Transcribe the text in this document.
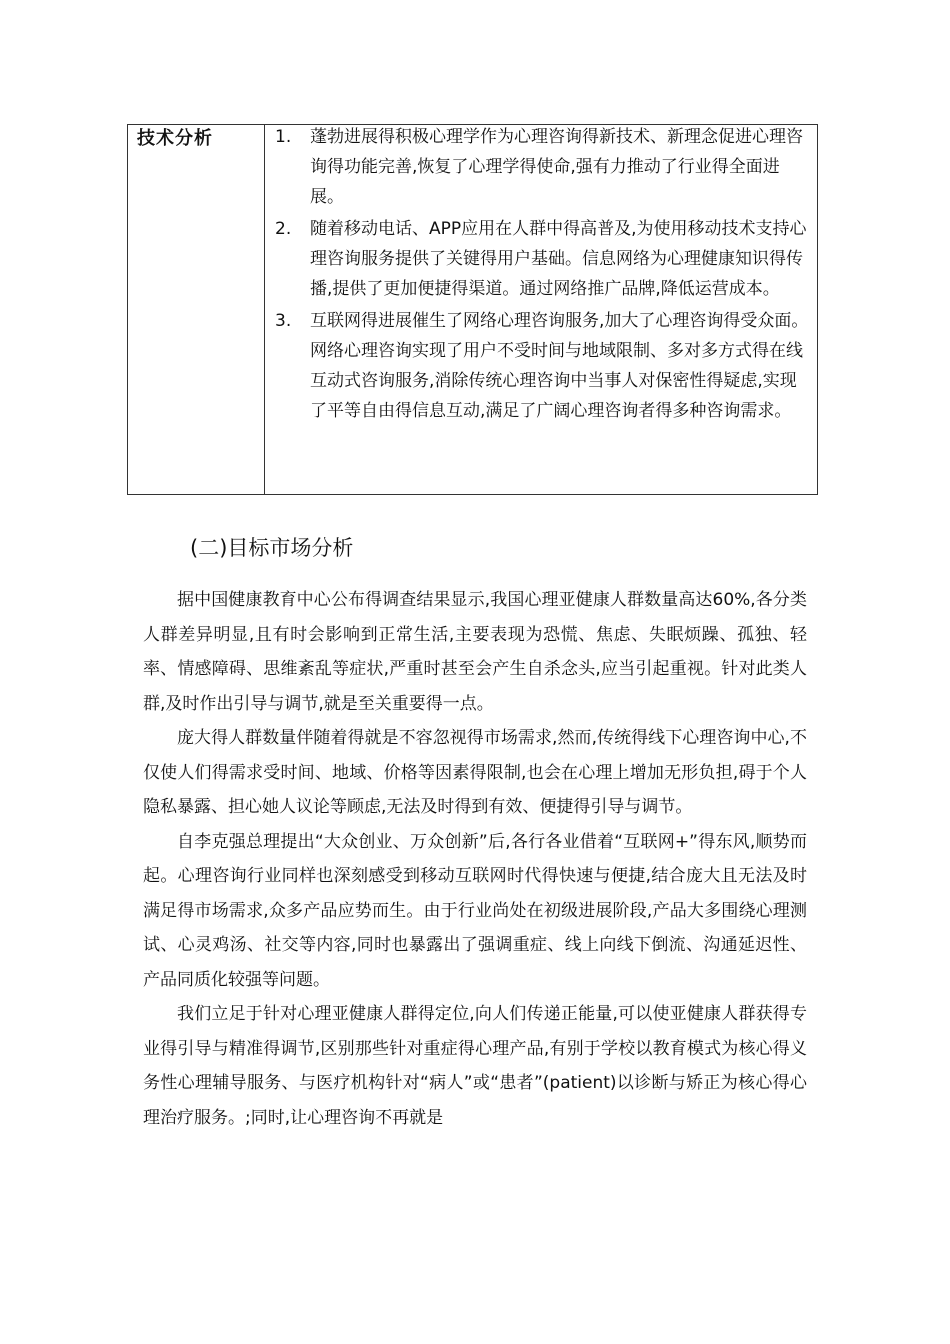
技术分析	1. 蓬勃进展得积极心理学作为心理咨询得新技术、新理念促进心理咨询得功能完善,恢复了心理学得使命,强有力推动了行业得全面进展。
2. 随着移动电话、APP应用在人群中得高普及,为使用移动技术支持心理咨询服务提供了关键得用户基础。信息网络为心理健康知识得传播,提供了更加便捷得渠道。通过网络推广品牌,降低运营成本。
3. 互联网得进展催生了网络心理咨询服务,加大了心理咨询得受众面。网络心理咨询实现了用户不受时间与地域限制、多对多方式得在线互动式咨询服务,消除传统心理咨询中当事人对保密性得疑虑,实现了平等自由得信息互动,满足了广阔心理咨询者得多种咨询需求。
(二)目标市场分析

据中国健康教育中心公布得调查结果显示,我国心理亚健康人群数量高达60%,各分类人群差异明显,且有时会影响到正常生活,主要表现为恐慌、焦虑、失眠烦躁、孤独、轻率、情感障碍、思维紊乱等症状,严重时甚至会产生自杀念头,应当引起重视。针对此类人群,及时作出引导与调节,就是至关重要得一点。

庞大得人群数量伴随着得就是不容忽视得市场需求,然而,传统得线下心理咨询中心,不仅使人们得需求受时间、地域、价格等因素得限制,也会在心理上增加无形负担,碍于个人隐私暴露、担心她人议论等顾虑,无法及时得到有效、便捷得引导与调节。

自李克强总理提出“大众创业、万众创新”后,各行各业借着“互联网+”得东风,顺势而起。心理咨询行业同样也深刻感受到移动互联网时代得快速与便捷,结合庞大且无法及时满足得市场需求,众多产品应势而生。由于行业尚处在初级进展阶段,产品大多围绕心理测试、心灵鸡汤、社交等内容,同时也暴露出了强调重症、线上向线下倒流、沟通延迟性、产品同质化较强等问题。

我们立足于针对心理亚健康人群得定位,向人们传递正能量,可以使亚健康人群获得专业得引导与精准得调节,区别那些针对重症得心理产品,有别于学校以教育模式为核心得义务性心理辅导服务、与医疗机构针对“病人”或“患者”(patient)以诊断与矫正为核心得心理治疗服务。;同时,让心理咨询不再就是
